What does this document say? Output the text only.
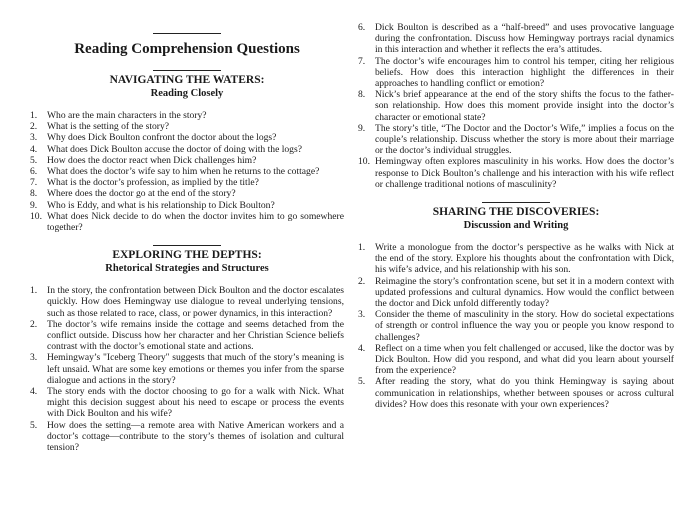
Reading Comprehension Questions
NAVIGATING THE WATERS:
Reading Closely
1. Who are the main characters in the story?
2. What is the setting of the story?
3. Why does Dick Boulton confront the doctor about the logs?
4. What does Dick Boulton accuse the doctor of doing with the logs?
5. How does the doctor react when Dick challenges him?
6. What does the doctor’s wife say to him when he returns to the cottage?
7. What is the doctor’s profession, as implied by the title?
8. Where does the doctor go at the end of the story?
9. Who is Eddy, and what is his relationship to Dick Boulton?
10. What does Nick decide to do when the doctor invites him to go somewhere together?
EXPLORING THE DEPTHS:
Rhetorical Strategies and Structures
1. In the story, the confrontation between Dick Boulton and the doctor escalates quickly. How does Hemingway use dialogue to reveal underlying tensions, such as those related to race, class, or power dynamics, in this interaction?
2. The doctor’s wife remains inside the cottage and seems detached from the conflict outside. Discuss how her character and her Christian Science beliefs contrast with the doctor’s emotional state and actions.
3. Hemingway’s "Iceberg Theory" suggests that much of the story’s meaning is left unsaid. What are some key emotions or themes you infer from the sparse dialogue and actions in the story?
4. The story ends with the doctor choosing to go for a walk with Nick. What might this decision suggest about his need to escape or process the events with Dick Boulton and his wife?
5. How does the setting—a remote area with Native American workers and a doctor’s cottage—contribute to the story’s themes of isolation and cultural tension?
6. Dick Boulton is described as a “half-breed” and uses provocative language during the confrontation. Discuss how Hemingway portrays racial dynamics in this interaction and whether it reflects the era’s attitudes.
7. The doctor’s wife encourages him to control his temper, citing her religious beliefs. How does this interaction highlight the differences in their approaches to handling conflict or emotion?
8. Nick’s brief appearance at the end of the story shifts the focus to the father-son relationship. How does this moment provide insight into the doctor’s character or emotional state?
9. The story’s title, “The Doctor and the Doctor’s Wife,” implies a focus on the couple’s relationship. Discuss whether the story is more about their marriage or the doctor’s individual struggles.
10. Hemingway often explores masculinity in his works. How does the doctor’s response to Dick Boulton’s challenge and his interaction with his wife reflect or challenge traditional notions of masculinity?
SHARING THE DISCOVERIES:
Discussion and Writing
1. Write a monologue from the doctor’s perspective as he walks with Nick at the end of the story. Explore his thoughts about the confrontation with Dick, his wife’s advice, and his relationship with his son.
2. Reimagine the story’s confrontation scene, but set it in a modern context with updated professions and cultural dynamics. How would the conflict between the doctor and Dick unfold differently today?
3. Consider the theme of masculinity in the story. How do societal expectations of strength or control influence the way you or people you know respond to challenges?
4. Reflect on a time when you felt challenged or accused, like the doctor was by Dick Boulton. How did you respond, and what did you learn about yourself from the experience?
5. After reading the story, what do you think Hemingway is saying about communication in relationships, whether between spouses or across cultural divides? How does this resonate with your own experiences?
